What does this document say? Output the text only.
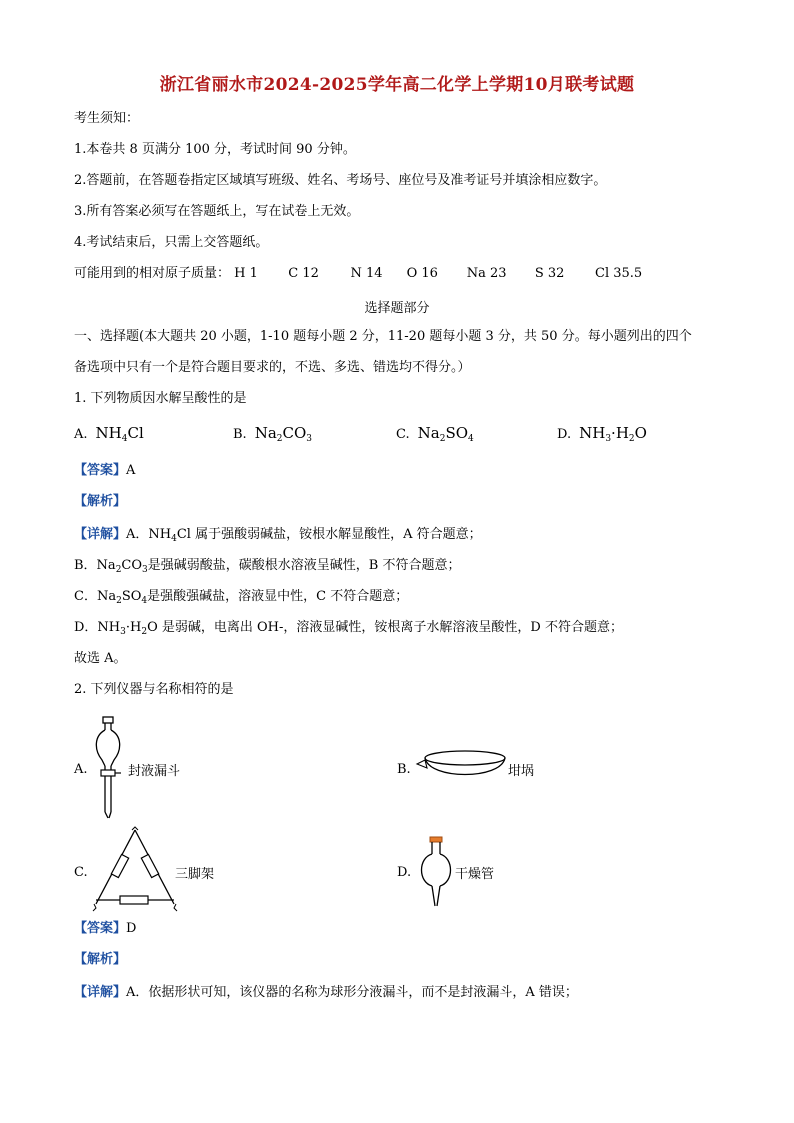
浙江省丽水市2024-2025学年高二化学上学期10月联考试题
考生须知：
1.本卷共 8 页满分 100 分，考试时间 90 分钟。
2.答题前，在答题卷指定区域填写班级、姓名、考场号、座位号及准考证号并填涂相应数字。
3.所有答案必须写在答题纸上，写在试卷上无效。
4.考试结束后，只需上交答题纸。
可能用到的相对原子质量： H 1 C 12 N 14 O 16 Na 23 S 32 Cl 35.5
选择题部分
一、选择题(本大题共 20 小题，1-10 题每小题 2 分，11-20 题每小题 3 分，共 50 分。每小题列出的四个
备选项中只有一个是符合题目要求的，不选、多选、错选均不得分。）
1. 下列物质因水解呈酸性的是
A. $NH_4Cl$	B. $Na_2CO_3$	C. $Na_2SO_4$	D. $NH_3\cdot H_2O$
【答案】A
【解析】
【详解】A．$NH_4Cl$ 属于强酸弱碱盐，铵根水解显酸性，A 符合题意；
B．$Na_2CO_3$是强碱弱酸盐，碳酸根水溶液呈碱性，B 不符合题意；
C．$Na_2SO_4$是强酸强碱盐，溶液显中性，C 不符合题意；
D．$NH_3\cdot H_2O$ 是弱碱，电离出 OH-，溶液显碱性，铵根离子水解溶液呈酸性，D 不符合题意；
故选 A。
2. 下列仪器与名称相符的是
A.	封液漏斗	B.	坩埚
C.	三脚架	D.	干燥管
【答案】D
【解析】
【详解】A．依据形状可知，该仪器的名称为球形分液漏斗，而不是封液漏斗，A 错误；
